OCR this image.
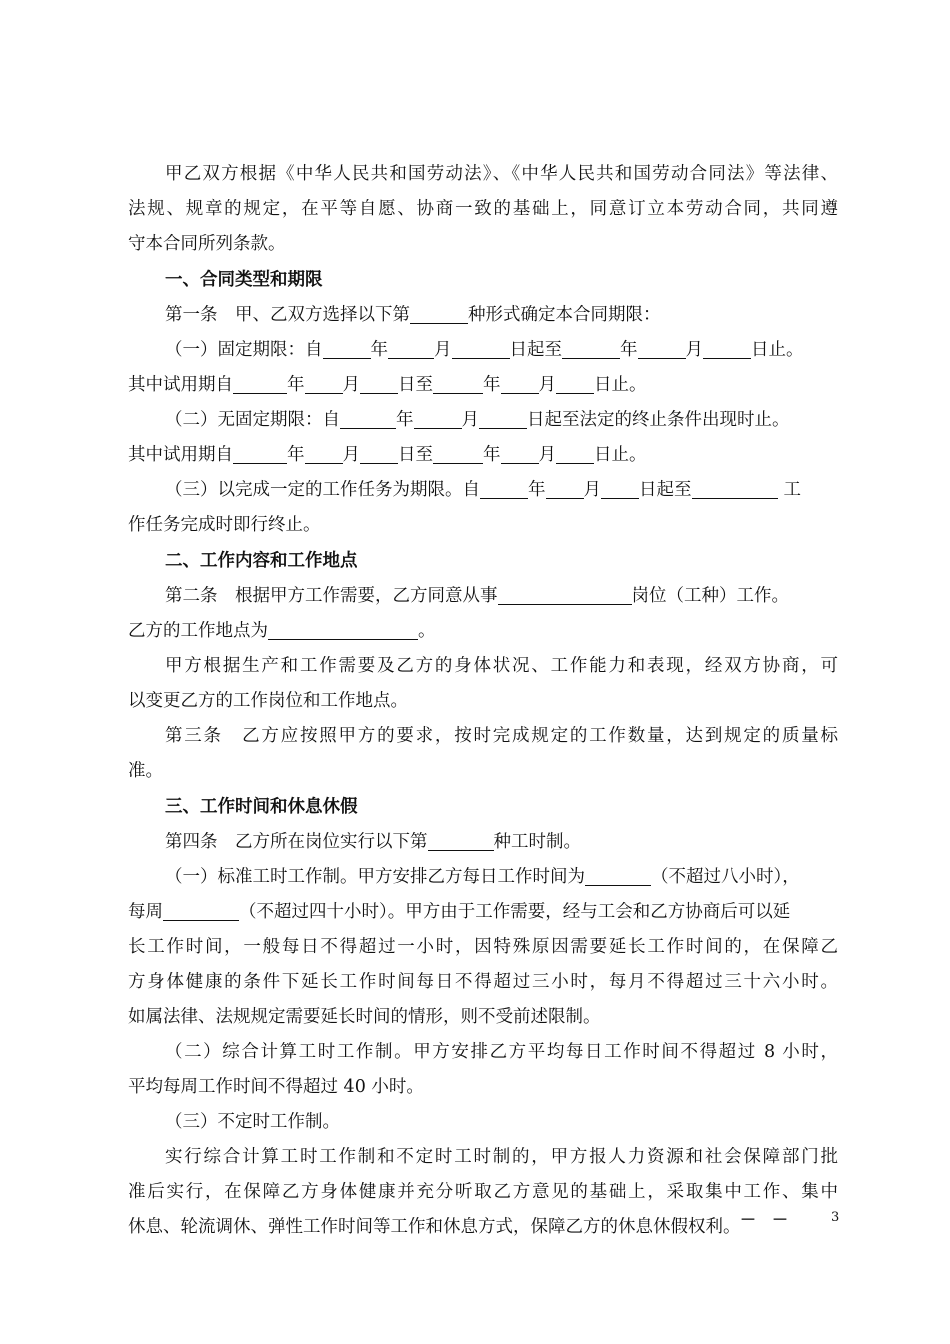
甲乙双方根据《中华人民共和国劳动法》、《中华人民共和国劳动合同法》等法律、
法规、规章的规定，在平等自愿、协商一致的基础上，同意订立本劳动合同，共同遵
守本合同所列条款。
一、合同类型和期限
第一条　甲、乙双方选择以下第	种形式确定本合同期限：
（一）固定期限：自	年	月	日起至	年	月	日止。
其中试用期自	年 月 日至	年 月 日止。
（二）无固定期限：自	年	月	日起至法定的终止条件出现时止。
其中试用期自	年 月 日至	年 月 日止。
（三）以完成一定的工作任务为期限。自	年 月 日起至	工
作任务完成时即行终止。
二、工作内容和工作地点
第二条　根据甲方工作需要，乙方同意从事	岗位（工种）工作。
乙方的工作地点为	。
甲方根据生产和工作需要及乙方的身体状况、工作能力和表现，经双方协商，可
以变更乙方的工作岗位和工作地点。
第三条　乙方应按照甲方的要求，按时完成规定的工作数量，达到规定的质量标
准。
三、工作时间和休息休假
第四条　乙方所在岗位实行以下第	种工时制。
（一）标准工时工作制。甲方安排乙方每日工作时间为	（不超过八小时），
每周	（不超过四十小时）。甲方由于工作需要，经与工会和乙方协商后可以延
长工作时间，一般每日不得超过一小时，因特殊原因需要延长工作时间的，在保障乙
方身体健康的条件下延长工作时间每日不得超过三小时，每月不得超过三十六小时。
如属法律、法规规定需要延长时间的情形，则不受前述限制。
（二）综合计算工时工作制。甲方安排乙方平均每日工作时间不得超过 8 小时，
平均每周工作时间不得超过 40 小时。
（三）不定时工作制。
实行综合计算工时工作制和不定时工时制的，甲方报人力资源和社会保障部门批
准后实行，在保障乙方身体健康并充分听取乙方意见的基础上，采取集中工作、集中
休息、轮流调休、弹性工作时间等工作和休息方式，保障乙方的休息休假权利。 －　－	3
